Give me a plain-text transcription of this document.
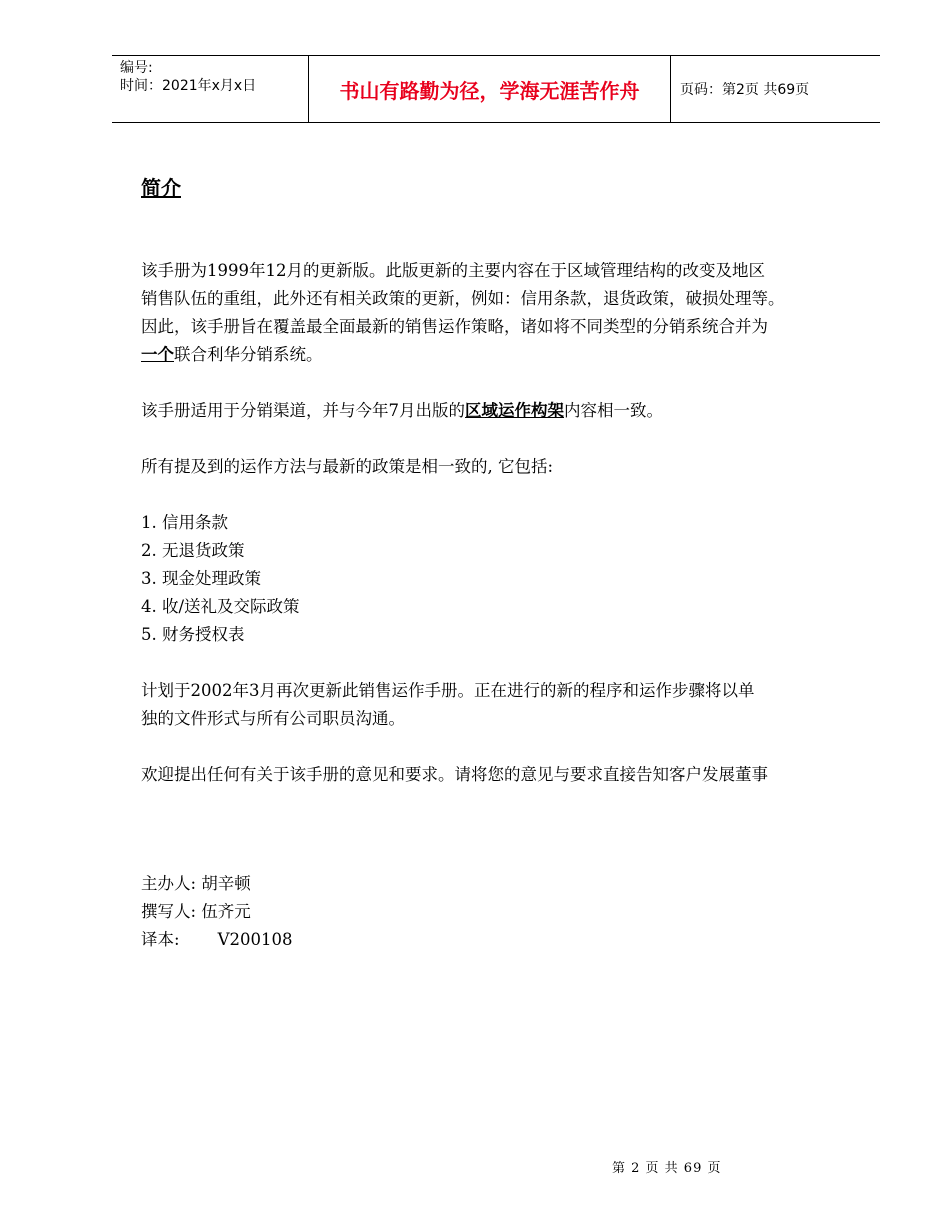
编号:
时间：2021年x月x日	书山有路勤为径，学海无涯苦作舟	页码：第2页 共69页
简介

该手册为1999年12月的更新版。此版更新的主要内容在于区域管理结构的改变及地区

销售队伍的重组，此外还有相关政策的更新，例如：信用条款，退货政策，破损处理等。

因此，该手册旨在覆盖最全面最新的销售运作策略，诸如将不同类型的分销系统合并为

一个联合利华分销系统。

该手册适用于分销渠道，并与今年7月出版的区域运作构架内容相一致。

所有提及到的运作方法与最新的政策是相一致的, 它包括:

1. 信用条款

2. 无退货政策

3. 现金处理政策

4. 收/送礼及交际政策

5. 财务授权表

计划于2002年3月再次更新此销售运作手册。正在进行的新的程序和运作步骤将以单

独的文件形式与所有公司职员沟通。

欢迎提出任何有关于该手册的意见和要求。请将您的意见与要求直接告知客户发展董事

主办人: 胡辛顿
撰写人: 伍齐元
译本: V200108
第 2 页 共 69 页
